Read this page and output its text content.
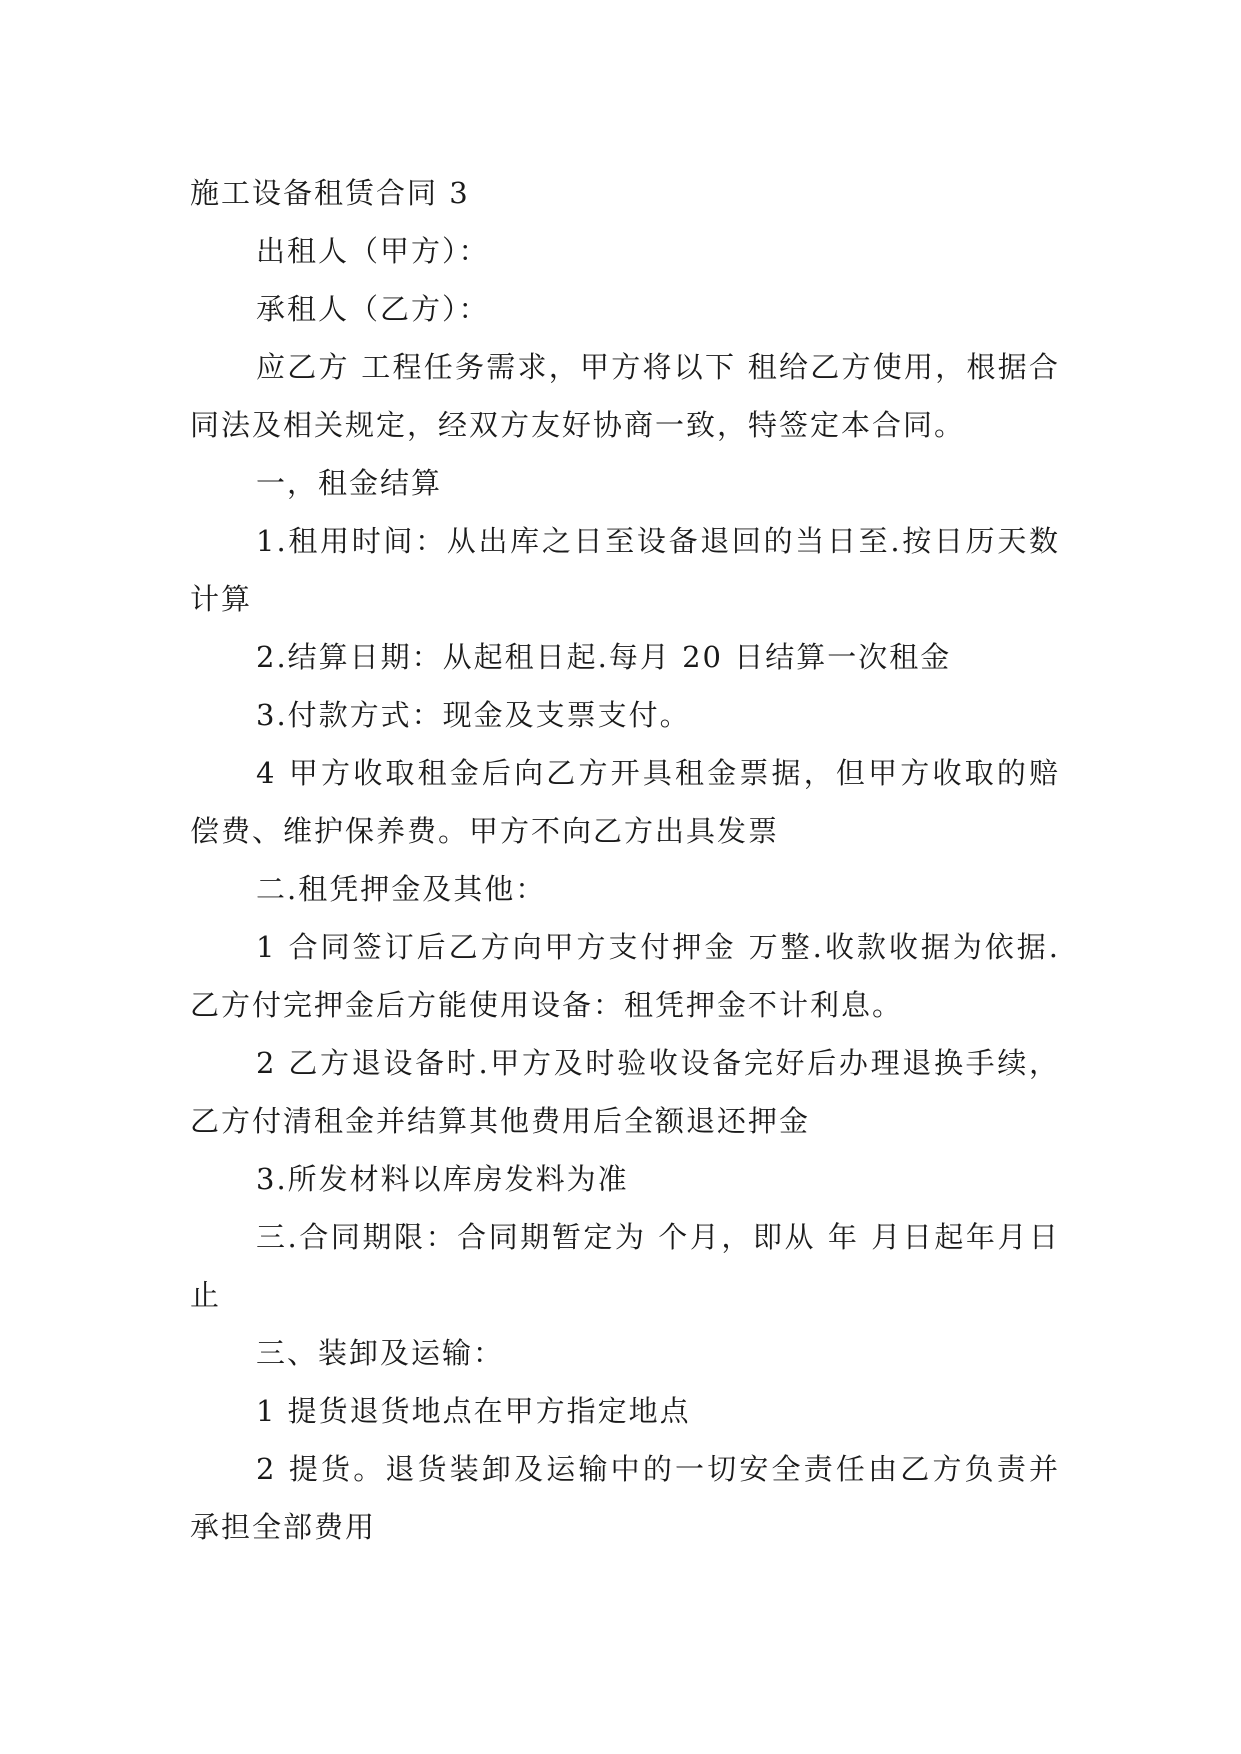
施工设备租赁合同 3

出租人（甲方）：

承租人（乙方）：

应乙方 工程任务需求，甲方将以下 租给乙方使用，根据合同法及相关规定，经双方友好协商一致，特签定本合同。

一，租金结算

1.租用时间：从出库之日至设备退回的当日至.按日历天数计算

2.结算日期：从起租日起.每月 20 日结算一次租金

3.付款方式：现金及支票支付。

4 甲方收取租金后向乙方开具租金票据，但甲方收取的赔偿费、维护保养费。甲方不向乙方出具发票

二.租凭押金及其他：

1 合同签订后乙方向甲方支付押金 万整.收款收据为依据.乙方付完押金后方能使用设备：租凭押金不计利息。

2 乙方退设备时.甲方及时验收设备完好后办理退换手续，乙方付清租金并结算其他费用后全额退还押金

3.所发材料以库房发料为准

三.合同期限：合同期暂定为 个月，即从 年 月日起年月日 止

三、装卸及运输：

1 提货退货地点在甲方指定地点

2 提货。退货装卸及运输中的一切安全责任由乙方负责并承担全部费用
